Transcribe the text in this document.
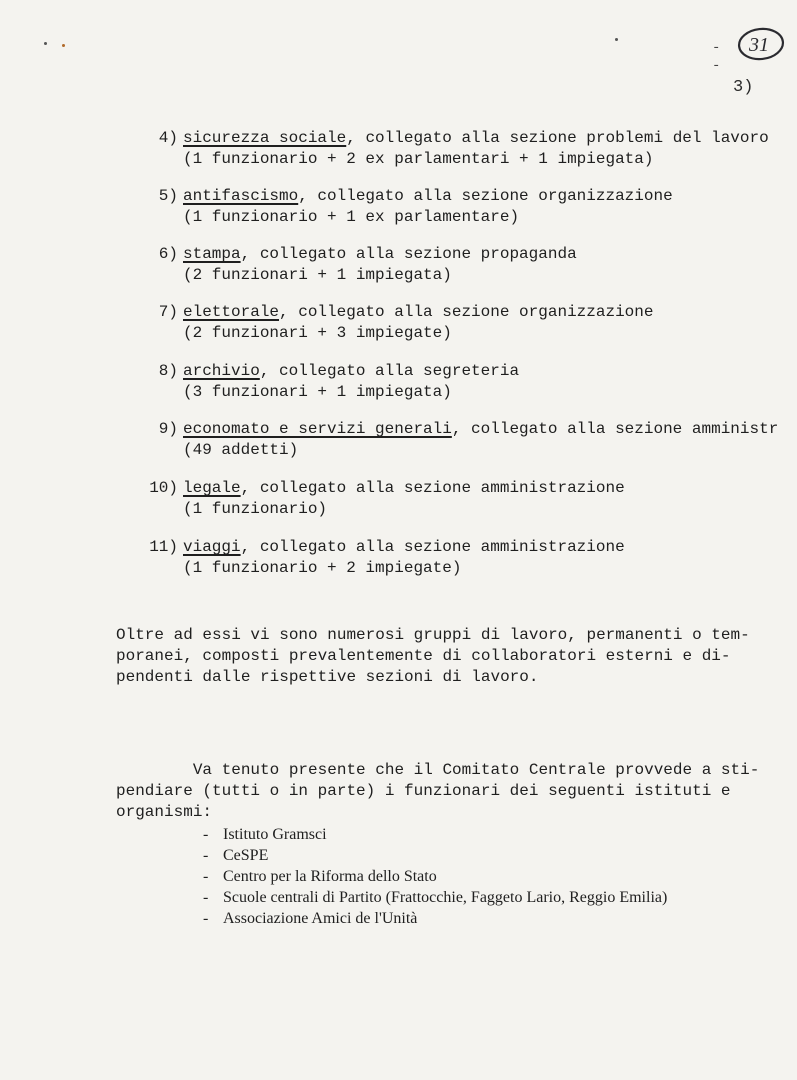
-
-
31
3)
4) sicurezza sociale, collegato alla sezione problemi del lavoro
(1 funzionario + 2 ex parlamentari + 1 impiegata)
5) antifascismo, collegato alla sezione organizzazione
(1 funzionario + 1 ex parlamentare)
6) stampa, collegato alla sezione propaganda
(2 funzionari + 1 impiegata)
7) elettorale, collegato alla sezione organizzazione
(2 funzionari + 3 impiegate)
8) archivio, collegato alla segreteria
(3 funzionari + 1 impiegata)
9) economato e servizi generali, collegato alla sezione amministr
(49 addetti)
10) legale, collegato alla sezione amministrazione
(1 funzionario)
11) viaggi, collegato alla sezione amministrazione
(1 funzionario + 2 impiegate)
Oltre ad essi vi sono numerosi gruppi di lavoro, permanenti o tem-
poranei, composti prevalentemente di collaboratori esterni e di-
pendenti dalle rispettive sezioni di lavoro.
Va tenuto presente che il Comitato Centrale provvede a sti-
pendiare (tutti o in parte) i funzionari dei seguenti istituti e
organismi:
- Istituto Gramsci
- CeSPE
- Centro per la Riforma dello Stato
- Scuole centrali di Partito (Frattocchie, Faggeto Lario, Reggio Emilia)
- Associazione Amici de l'Unità
